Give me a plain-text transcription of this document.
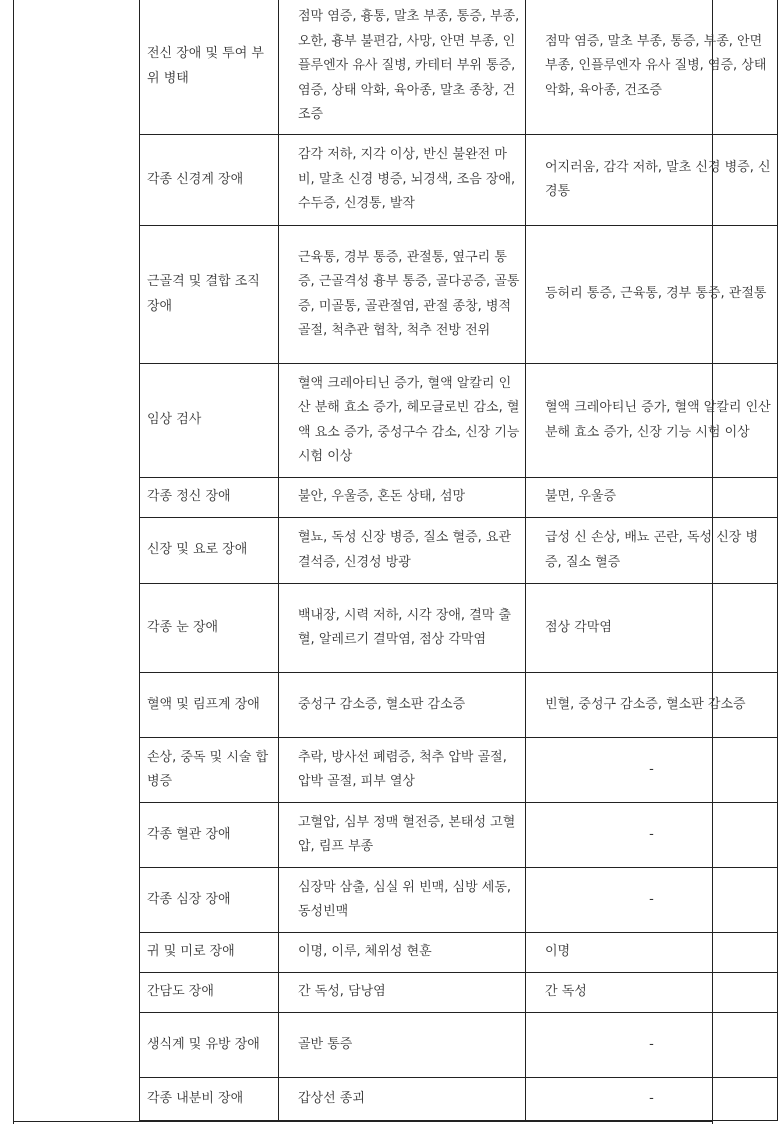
전신 장애 및 투여 부위 병태	점막 염증, 흉통, 말초 부종, 통증, 부종, 오한, 흉부 불편감, 사망, 안면 부종, 인플루엔자 유사 질병, 카테터 부위 통증, 염증, 상태 악화, 육아종, 말초 종창, 건조증	점막 염증, 말초 부종, 통증, 부종, 안면 부종, 인플루엔자 유사 질병, 염증, 상태 악화, 육아종, 건조증
각종 신경계 장애	감각 저하, 지각 이상, 반신 불완전 마비, 말초 신경 병증, 뇌경색, 조음 장애, 수두증, 신경통, 발작	어지러움, 감각 저하, 말초 신경 병증, 신경통
근골격 및 결합 조직 장애	근육통, 경부 통증, 관절통, 옆구리 통증, 근골격성 흉부 통증, 골다공증, 골통증, 미골통, 골관절염, 관절 종창, 병적 골절, 척추관 협착, 척추 전방 전위	등허리 통증, 근육통, 경부 통증, 관절통
임상 검사	혈액 크레아티닌 증가, 혈액 알칼리 인산 분해 효소 증가, 헤모글로빈 감소, 혈액 요소 증가, 중성구수 감소, 신장 기능 시험 이상	혈액 크레아티닌 증가, 혈액 알칼리 인산 분해 효소 증가, 신장 기능 시험 이상
각종 정신 장애	불안, 우울증, 혼돈 상태, 섬망	불면, 우울증
신장 및 요로 장애	혈뇨, 독성 신장 병증, 질소 혈증, 요관 결석증, 신경성 방광	급성 신 손상, 배뇨 곤란, 독성 신장 병증, 질소 혈증
각종 눈 장애	백내장, 시력 저하, 시각 장애, 결막 출혈, 알레르기 결막염, 점상 각막염	점상 각막염
혈액 및 림프계 장애	중성구 감소증, 혈소판 감소증	빈혈, 중성구 감소증, 혈소판 감소증
손상, 중독 및 시술 합병증	추락, 방사선 폐렴증, 척추 압박 골절, 압박 골절, 피부 열상	-
각종 혈관 장애	고혈압, 심부 정맥 혈전증, 본태성 고혈압, 림프 부종	-
각종 심장 장애	심장막 삼출, 심실 위 빈맥, 심방 세동, 동성빈맥	-
귀 및 미로 장애	이명, 이루, 체위성 현훈	이명
간담도 장애	간 독성, 담낭염	간 독성
생식계 및 유방 장애	골반 통증	-
각종 내분비 장애	갑상선 종괴	-
